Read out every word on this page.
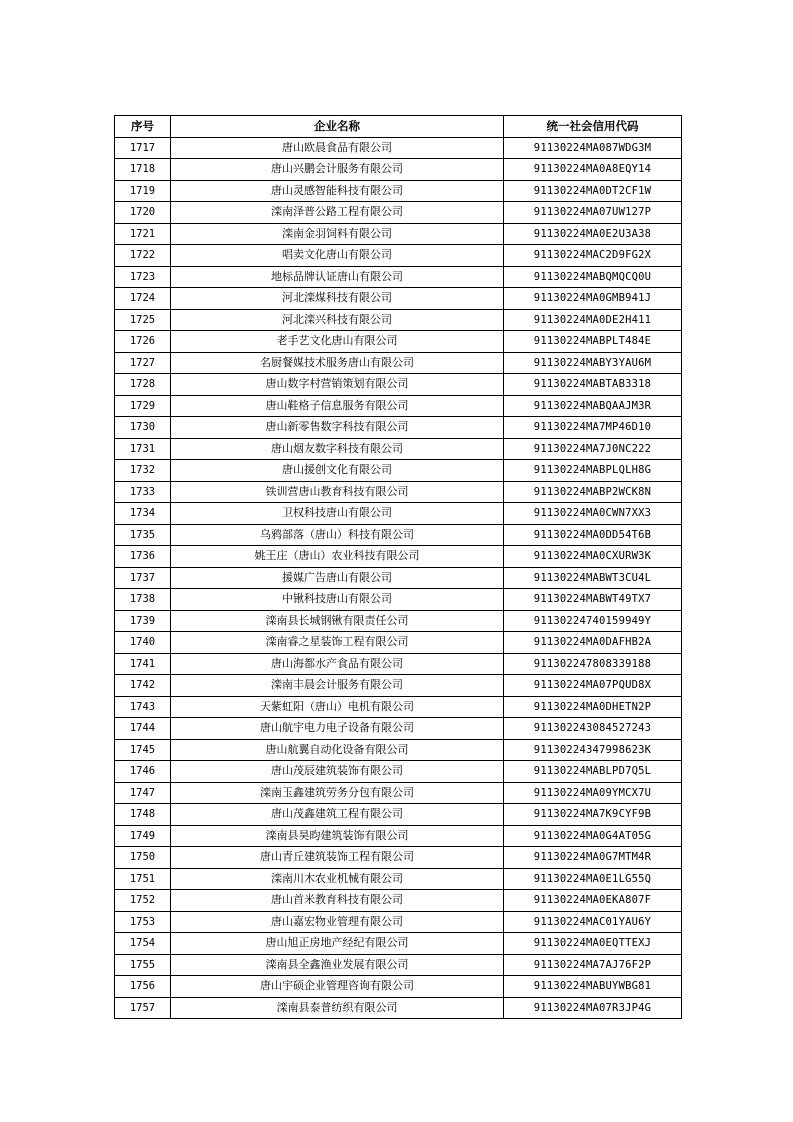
序号	企业名称	统一社会信用代码
1717	唐山欧晨食品有限公司	91130224MA087WDG3M
1718	唐山兴鹏会计服务有限公司	91130224MA0A8EQY14
1719	唐山灵感智能科技有限公司	91130224MA0DT2CF1W
1720	滦南泽普公路工程有限公司	91130224MA07UW127P
1721	滦南金羽饲料有限公司	91130224MA0E2U3A38
1722	唱卖文化唐山有限公司	91130224MAC2D9FG2X
1723	地标品牌认证唐山有限公司	91130224MABQMQCQ0U
1724	河北滦煤科技有限公司	91130224MA0GMB941J
1725	河北滦兴科技有限公司	91130224MA0DE2H411
1726	老手艺文化唐山有限公司	91130224MABPLT484E
1727	名厨餐媒技术服务唐山有限公司	91130224MABY3YAU6M
1728	唐山数字村营销策划有限公司	91130224MABTAB3318
1729	唐山鞋格子信息服务有限公司	91130224MABQAAJM3R
1730	唐山新零售数字科技有限公司	91130224MA7MP46D10
1731	唐山烟友数字科技有限公司	91130224MA7J0NC222
1732	唐山援创文化有限公司	91130224MABPLQLH8G
1733	铁训营唐山教育科技有限公司	91130224MABP2WCK8N
1734	卫权科技唐山有限公司	91130224MA0CWN7XX3
1735	乌鸦部落（唐山）科技有限公司	91130224MA0DD54T6B
1736	姚王庄（唐山）农业科技有限公司	91130224MA0CXURW3K
1737	援媒广告唐山有限公司	91130224MABWT3CU4L
1738	中锹科技唐山有限公司	91130224MABWT49TX7
1739	滦南县长城钢锹有限责任公司	91130224740159949Y
1740	滦南睿之星装饰工程有限公司	91130224MA0DAFHB2A
1741	唐山海都水产食品有限公司	911302247808339188
1742	滦南丰晨会计服务有限公司	91130224MA07PQUD8X
1743	天紫虹阳（唐山）电机有限公司	91130224MA0DHETN2P
1744	唐山航宇电力电子设备有限公司	911302243084527243
1745	唐山航翼自动化设备有限公司	91130224347998623K
1746	唐山茂辰建筑装饰有限公司	91130224MABLPD7Q5L
1747	滦南玉鑫建筑劳务分包有限公司	91130224MA09YMCX7U
1748	唐山茂鑫建筑工程有限公司	91130224MA7K9CYF9B
1749	滦南县昊昀建筑装饰有限公司	91130224MA0G4AT05G
1750	唐山青丘建筑装饰工程有限公司	91130224MA0G7MTM4R
1751	滦南川木农业机械有限公司	91130224MA0E1LG55Q
1752	唐山首米教育科技有限公司	91130224MA0EKA807F
1753	唐山嘉宏物业管理有限公司	91130224MAC01YAU6Y
1754	唐山旭正房地产经纪有限公司	91130224MA0EQTTEXJ
1755	滦南县全鑫渔业发展有限公司	91130224MA7AJ76F2P
1756	唐山宇硕企业管理咨询有限公司	91130224MABUYWBG81
1757	滦南县泰普纺织有限公司	91130224MA07R3JP4G
